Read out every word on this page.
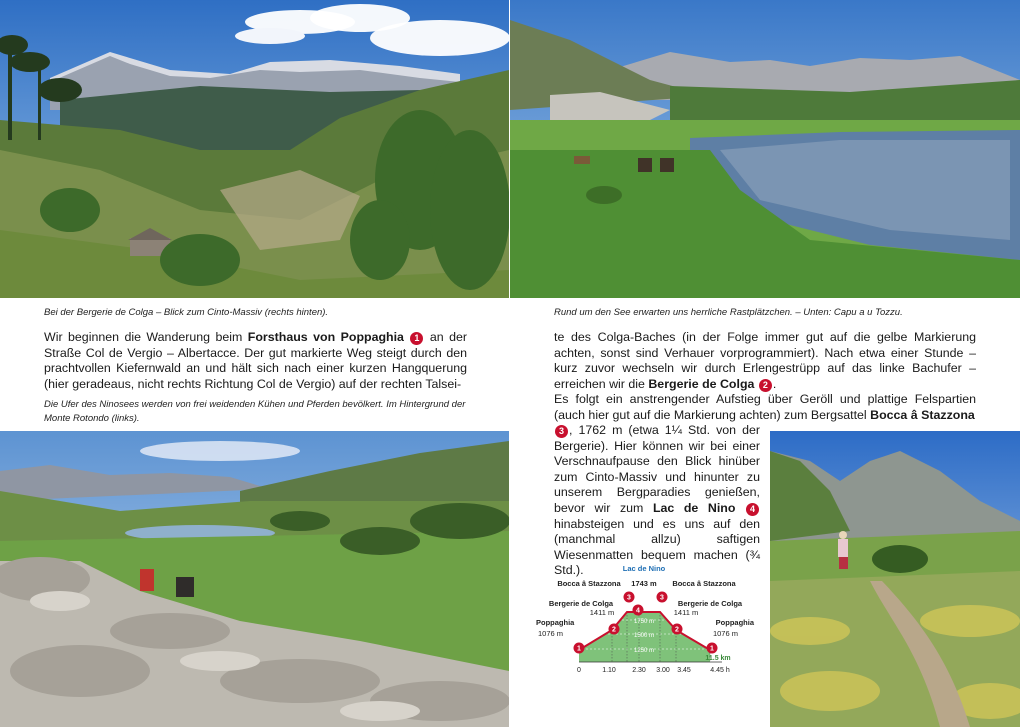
Bei der Bergerie de Colga – Blick zum Cinto-Massiv (rechts hinten).	Rund um den See erwarten uns herrliche Rastplätzchen. – Unten: Capu a u Tozzu.
Die Ufer des Ninosees werden von frei weidenden Kühen und Pferden bevölkert. Im Hintergrund der Monte Rotondo (links).
Wir beginnen die Wanderung beim Forsthaus von Poppaghia 1 an der Straße Col de Vergio – Albertacce. Der gut markierte Weg steigt durch den prachtvollen Kiefernwald an und hält sich nach einer kurzen Hangquerung (hier geradeaus, nicht rechts Richtung Col de Vergio) auf der rechten Talsei-
te des Colga-Baches (in der Folge immer gut auf die gelbe Markierung achten, sonst sind Verhauer vorprogrammiert). Nach etwa einer Stunde – kurz zuvor wechseln wir durch Erlengestrüpp auf das linke Bachufer – erreichen wir die Bergerie de Colga 2 .
Es folgt ein anstrengender Aufstieg über Geröll und plattige Felspartien (auch hier gut auf die Markierung achten) zum Bergsattel Bocca â Stazzona
3 , 1762 m (etwa 1¼ Std. von der Bergerie). Hier können wir bei einer Verschnaufpause den Blick hinüber zum Cinto-Massiv und hinunter zu unserem Bergparadies genießen, bevor wir zum Lac de Nino 4 hinabsteigen und es uns auf den (manchmal allzu) saftigen Wiesenmatten bequem machen (¾ Std.).	Lac de Nino
1743 m
Bocca â Stazzona	Bocca â Stazzona
Bergerie de Colga
1411 m
Bergerie de Colga
1411 m
Poppaghia
1076 m
Poppaghia
1076 m
1750 m
1500 m
1250 m
11.5 km
0	1.10 2.30 3.00 3.45	4.45 h
1
2
3
4
3
2
1
